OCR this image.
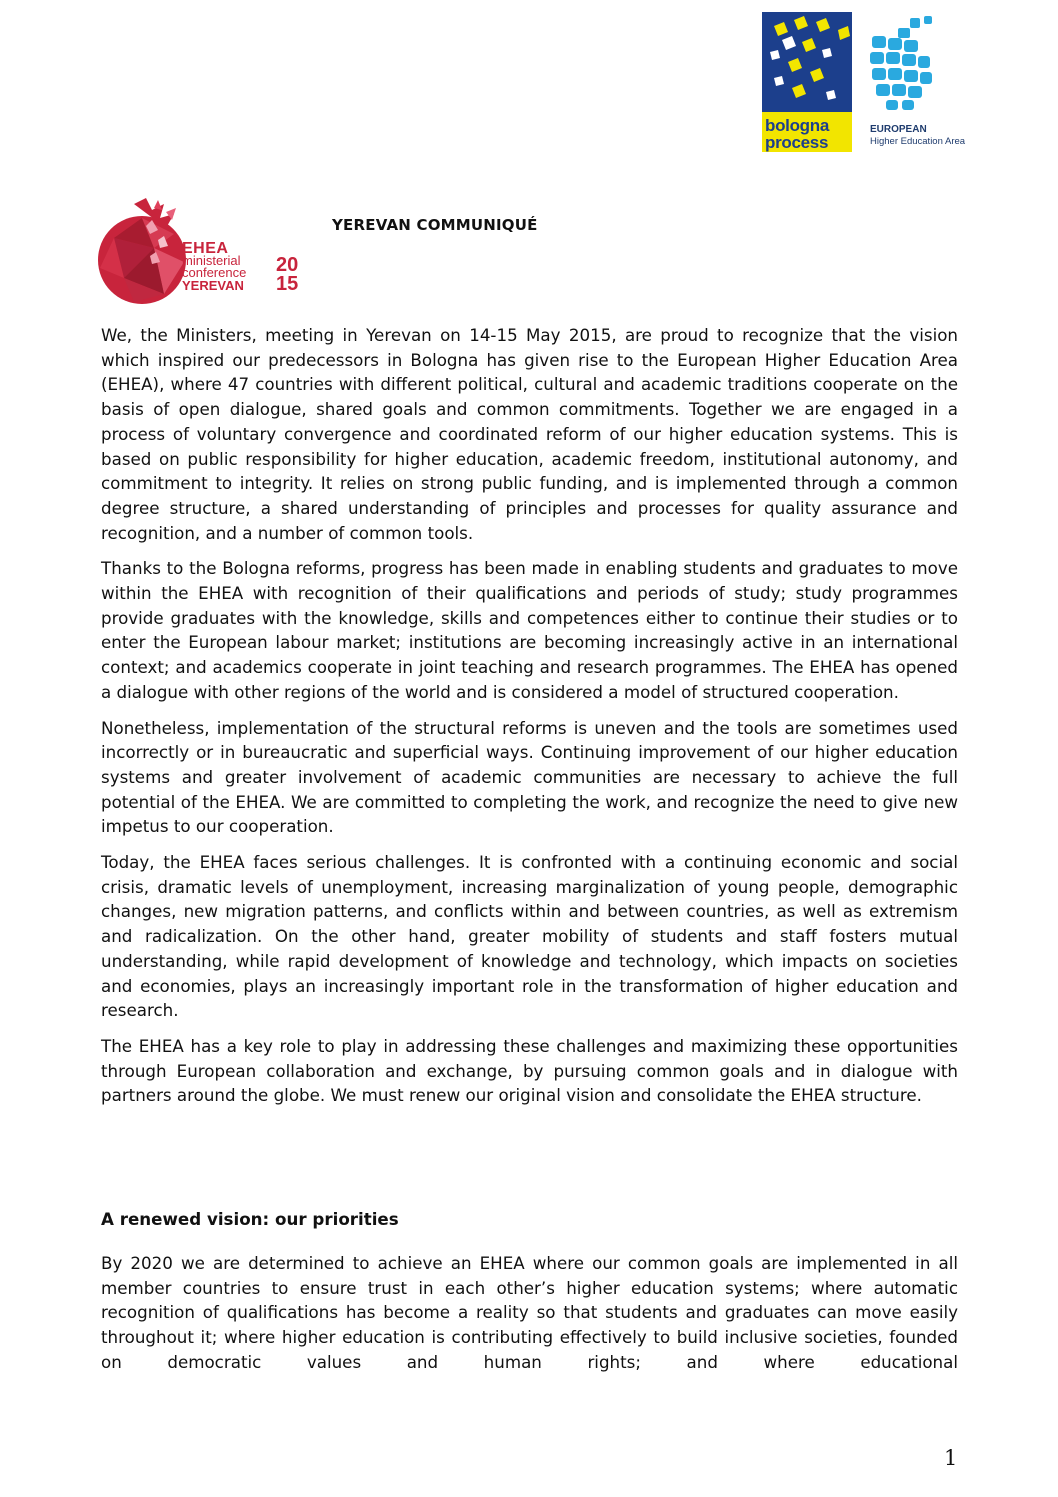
bologna
process
EUROPEAN
Higher Education Area
EHEA
ministerial
conference
YEREVAN
20
15
YEREVAN COMMUNIQUÉ

We, the Ministers, meeting in Yerevan on 14-15 May 2015, are proud to recognize that the vision which inspired our predecessors in Bologna has given rise to the European Higher Education Area (EHEA), where 47 countries with different political, cultural and academic traditions cooperate on the basis of open dialogue, shared goals and common commitments. Together we are engaged in a process of voluntary convergence and coordinated reform of our higher education systems. This is based on public responsibility for higher education, academic freedom, institutional autonomy, and commitment to integrity. It relies on strong public funding, and is implemented through a common degree structure, a shared understanding of principles and processes for quality assurance and recognition, and a number of common tools.

Thanks to the Bologna reforms, progress has been made in enabling students and graduates to move within the EHEA with recognition of their qualifications and periods of study; study programmes provide graduates with the knowledge, skills and competences either to continue their studies or to enter the European labour market; institutions are becoming increasingly active in an international context; and academics cooperate in joint teaching and research programmes. The EHEA has opened a dialogue with other regions of the world and is considered a model of structured cooperation.

Nonetheless, implementation of the structural reforms is uneven and the tools are sometimes used incorrectly or in bureaucratic and superficial ways. Continuing improvement of our higher education systems and greater involvement of academic communities are necessary to achieve the full potential of the EHEA. We are committed to completing the work, and recognize the need to give new impetus to our cooperation.

Today, the EHEA faces serious challenges. It is confronted with a continuing economic and social crisis, dramatic levels of unemployment, increasing marginalization of young people, demographic changes, new migration patterns, and conflicts within and between countries, as well as extremism and radicalization. On the other hand, greater mobility of students and staff fosters mutual understanding, while rapid development of knowledge and technology, which impacts on societies and economies, plays an increasingly important role in the transformation of higher education and research.

The EHEA has a key role to play in addressing these challenges and maximizing these opportunities through European collaboration and exchange, by pursuing common goals and in dialogue with partners around the globe. We must renew our original vision and consolidate the EHEA structure.

A renewed vision: our priorities

By 2020 we are determined to achieve an EHEA where our common goals are implemented in all member countries to ensure trust in each other’s higher education systems; where automatic recognition of qualifications has become a reality so that students and graduates can move easily throughout it; where higher education is contributing effectively to build inclusive societies, founded on democratic values and human rights; and where educational

1
